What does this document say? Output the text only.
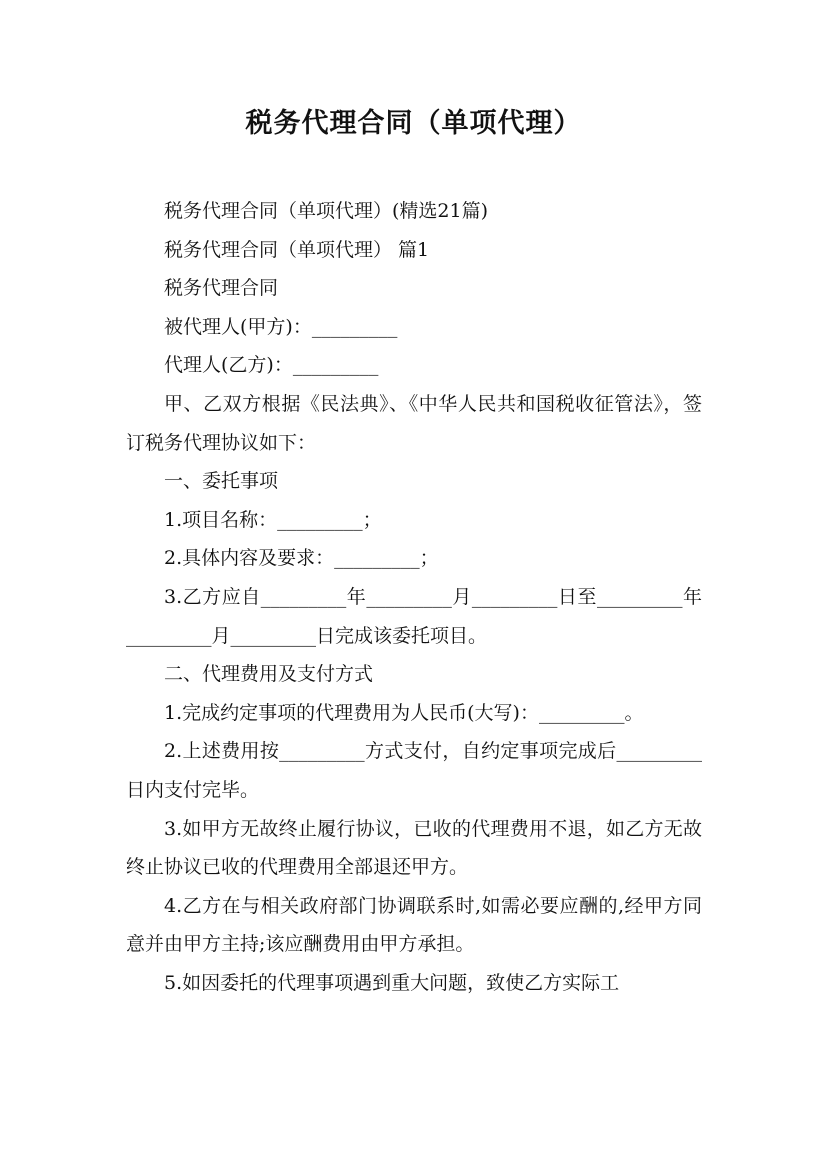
税务代理合同（单项代理）

税务代理合同（单项代理）(精选21篇)

税务代理合同（单项代理） 篇1

税务代理合同

被代理人(甲方)：_________

代理人(乙方)：_________

甲、乙双方根据《民法典》、《中华人民共和国税收征管法》，签订税务代理协议如下：

一、委托事项

1.项目名称：_________；

2.具体内容及要求：_________；

3.乙方应自_________年_________月_________日至_________年_________月_________日完成该委托项目。

二、代理费用及支付方式

1.完成约定事项的代理费用为人民币(大写)：_________。

2.上述费用按_________方式支付，自约定事项完成后_________日内支付完毕。

3.如甲方无故终止履行协议，已收的代理费用不退，如乙方无故终止协议已收的代理费用全部退还甲方。

4.乙方在与相关政府部门协调联系时,如需必要应酬的,经甲方同意并由甲方主持;该应酬费用由甲方承担。

5.如因委托的代理事项遇到重大问题，致使乙方实际工
